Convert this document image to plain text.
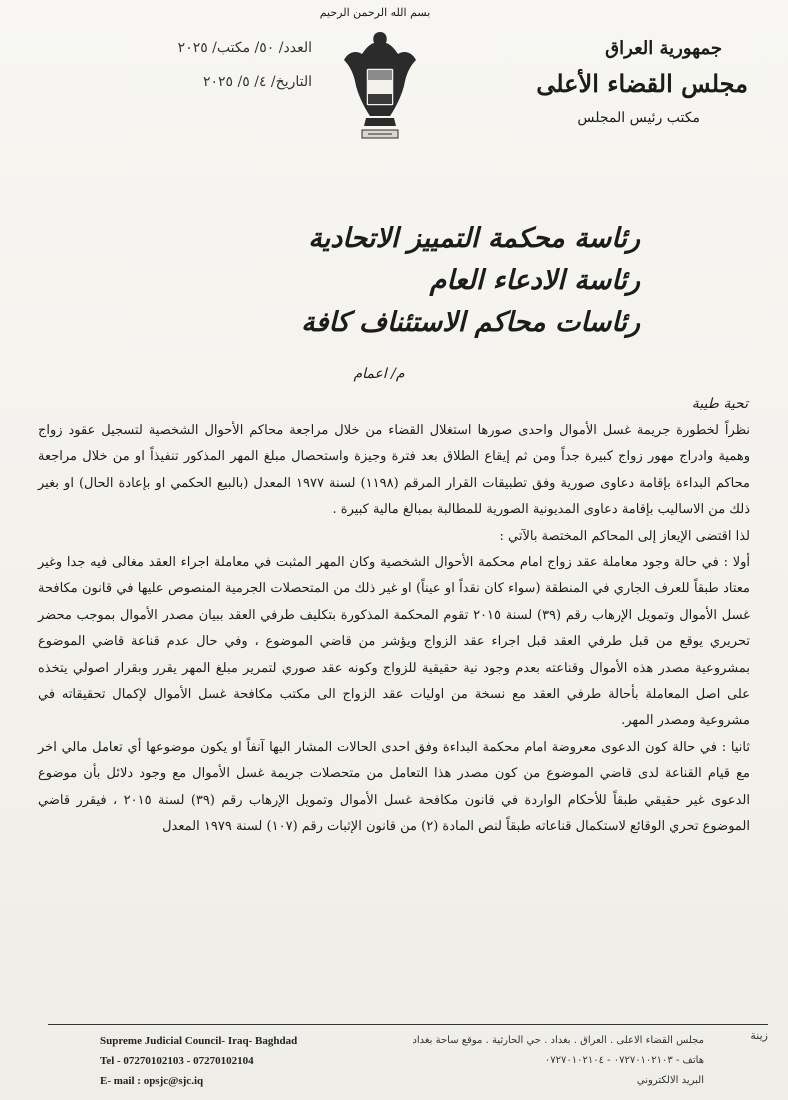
بسم الله الرحمن الرحيم
جمهورية العراق
مجلس القضاء الأعلى
مكتب رئيس المجلس
العدد/ ٥٠/ مكتب/ ٢٠٢٥
التاريخ/ ٤/ ٥/ ٢٠٢٥
رئاسة محكمة التمييز الاتحادية
رئاسة الادعاء العام
رئاسات محاكم الاستئناف كافة
م/ اعمام
تحية طيبة

نظراً لخطورة جريمة غسل الأموال واحدى صورها استغلال القضاء من خلال مراجعة محاكم الأحوال الشخصية لتسجيل عقود زواج وهمية وادراج مهور زواج كبيرة جداً ومن ثم إيقاع الطلاق بعد فترة وجيزة واستحصال مبلغ المهر المذكور تنفيذاً او من خلال مراجعة محاكم البداءة بإقامة دعاوى صورية وفق تطبيقات القرار المرقم (١١٩٨) لسنة ١٩٧٧ المعدل (بالبيع الحكمي او بإعادة الحال) او بغير ذلك من الاساليب بإقامة دعاوى المديونية الصورية للمطالبة بمبالغ مالية كبيرة .

لذا اقتضى الإيعاز إلى المحاكم المختصة بالآتي :

أولا : في حالة وجود معاملة عقد زواج امام محكمة الأحوال الشخصية وكان المهر المثبت في معاملة اجراء العقد مغالى فيه جدا وغير معتاد طبقاً للعرف الجاري في المنطقة (سواء كان نقداً او عيناً) او غير ذلك من المتحصلات الجرمية المنصوص عليها في قانون مكافحة غسل الأموال وتمويل الإرهاب رقم (٣٩) لسنة ٢٠١٥ تقوم المحكمة المذكورة بتكليف طرفي العقد ببيان مصدر الأموال بموجب محضر تحريري يوقع من قبل طرفي العقد قبل اجراء عقد الزواج ويؤشر من قاضي الموضوع ، وفي حال عدم قناعة قاضي الموضوع بمشروعية مصدر هذه الأموال وقناعته بعدم وجود نية حقيقية للزواج وكونه عقد صوري لتمرير مبلغ المهر يقرر وبقرار اصولي يتخذه على اصل المعاملة بأحالة طرفي العقد مع نسخة من اوليات عقد الزواج الى مكتب مكافحة غسل الأموال لإكمال تحقيقاته في مشروعية ومصدر المهر.

ثانيا : في حالة كون الدعوى معروضة امام محكمة البداءة وفق احدى الحالات المشار اليها آنفاً او يكون موضوعها أي تعامل مالي اخر مع قيام القناعة لدى قاضي الموضوع من كون مصدر هذا التعامل من متحصلات جريمة غسل الأموال مع وجود دلائل بأن موضوع الدعوى غير حقيقي طبقاً للأحكام الواردة في قانون مكافحة غسل الأموال وتمويل الإرهاب رقم (٣٩) لسنة ٢٠١٥ ، فيقرر قاضي الموضوع تحري الوقائع لاستكمال قناعاته طبقاً لنص المادة (٢) من قانون الإثبات رقم (١٠٧) لسنة ١٩٧٩ المعدل

Supreme Judicial Council- Iraq- Baghdad
Tel - 07270102103 - 07270102104
E- mail : opsjc@sjc.iq
مجلس القضاء الاعلى . العراق . بغداد . حي الحارثية . موقع ساحة بغداد
هاتف - ٠٧٢٧٠١٠٢١٠٣ - ٠٧٢٧٠١٠٢١٠٤
البريد الالكتروني
زينة
